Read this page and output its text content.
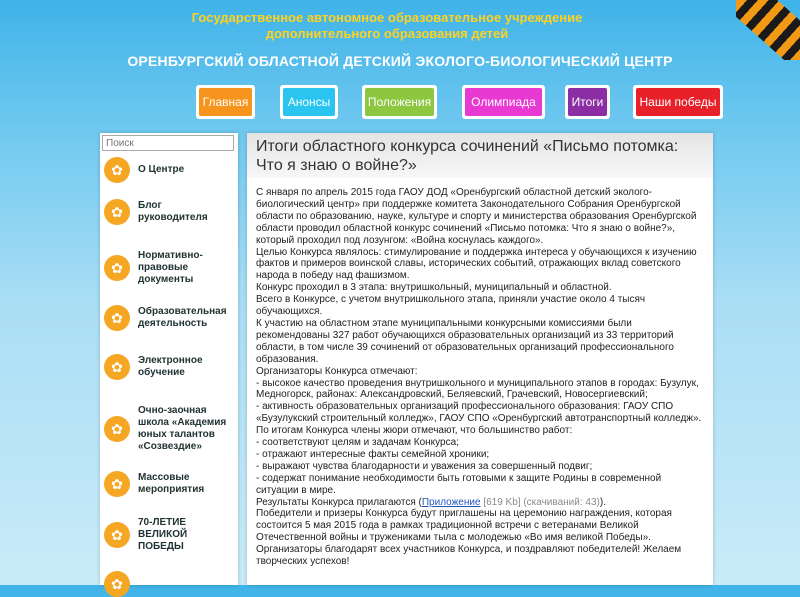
Государственное автономное образовательное учреждение
дополнительного образования детей
ОРЕНБУРГСКИЙ ОБЛАСТНОЙ ДЕТСКИЙ ЭКОЛОГО-БИОЛОГИЧЕСКИЙ ЦЕНТР
Главная	Анонсы	Положения	Олимпиада	Итоги	Наши победы
Поиск
✿	О Центре
✿	Блог руководителя
✿
Нормативно-правовые документы
✿	Образовательная деятельность
✿	Электронное обучение
✿
Очно-заочная школа «Академия юных талантов «Созвездие»
✿	Массовые мероприятия
✿
70-ЛЕТИЕ ВЕЛИКОЙ ПОБЕДЫ
✿
Итоги областного конкурса сочинений «Письмо потомка: Что я знаю о войне?»

С января по апрель 2015 года ГАОУ ДОД «Оренбургский областной детский эколого-биологический центр» при поддержке комитета Законодательного Собрания Оренбургской области по образованию, науке, культуре и спорту и министерства образования Оренбургской области проводил областной конкурс сочинений «Письмо потомка: Что я знаю о войне?», который проходил под лозунгом: «Война коснулась каждого».

Целью Конкурса являлось: стимулирование и поддержка интереса у обучающихся к изучению фактов и примеров воинской славы, исторических событий, отражающих вклад советского народа в победу над фашизмом.

Конкурс проходил в 3 этапа: внутришкольный, муниципальный и областной.

Всего в Конкурсе, с учетом внутришкольного этапа, приняли участие около 4 тысяч обучающихся.

К участию на областном этапе муниципальными конкурсными комиссиями были рекомендованы 327 работ обучающихся образовательных организаций из 33 территорий области, в том числе 39 сочинений от образовательных организаций профессионального образования.

Организаторы Конкурса отмечают:

- высокое качество проведения внутришкольного и муниципального этапов в городах: Бузулук, Медногорск, районах: Александровский, Беляевский, Грачевский, Новосергиевский;

- активность образовательных организаций профессионального образования: ГАОУ СПО «Бузулукский строительный колледж», ГАОУ СПО «Оренбургский автотранспортный колледж».

По итогам Конкурса члены жюри отмечают, что большинство работ:

- соответствуют целям и задачам Конкурса;

- отражают интересные факты семейной хроники;

- выражают чувства благодарности и уважения за совершенный подвиг;

- содержат понимание необходимости быть готовыми к защите Родины в современной ситуации в мире.

Результаты Конкурса прилагаются (Приложение [619 Kb] (скачиваний: 43)).

Победители и призеры Конкурса будут приглашены на церемонию награждения, которая состоится 5 мая 2015 года в рамках традиционной встречи с ветеранами Великой Отечественной войны и тружениками тыла с молодежью «Во имя великой Победы».

Организаторы благодарят всех участников Конкурса, и поздравляют победителей! Желаем творческих успехов!
